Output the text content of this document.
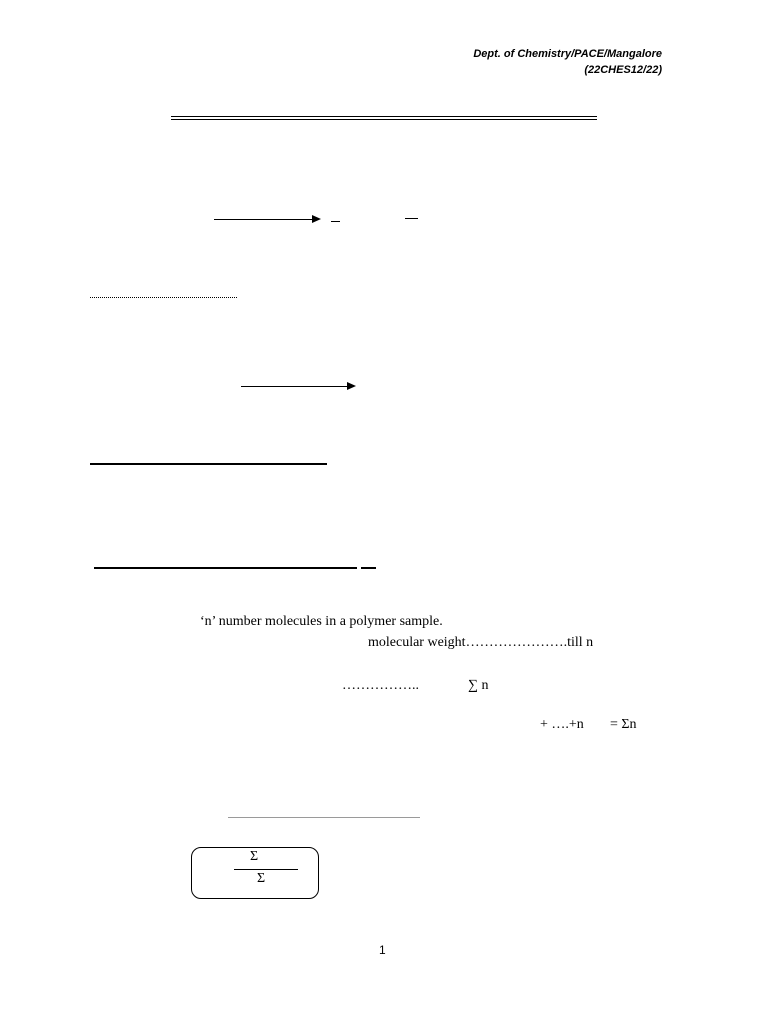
Dept. of Chemistry/PACE/Mangalore
(22CHES12/22)
‘n’ number molecules in a polymer sample.
molecular weight………………….till n
……………..	∑ n
+ ….+n = Σn
Σ
Σ
1
